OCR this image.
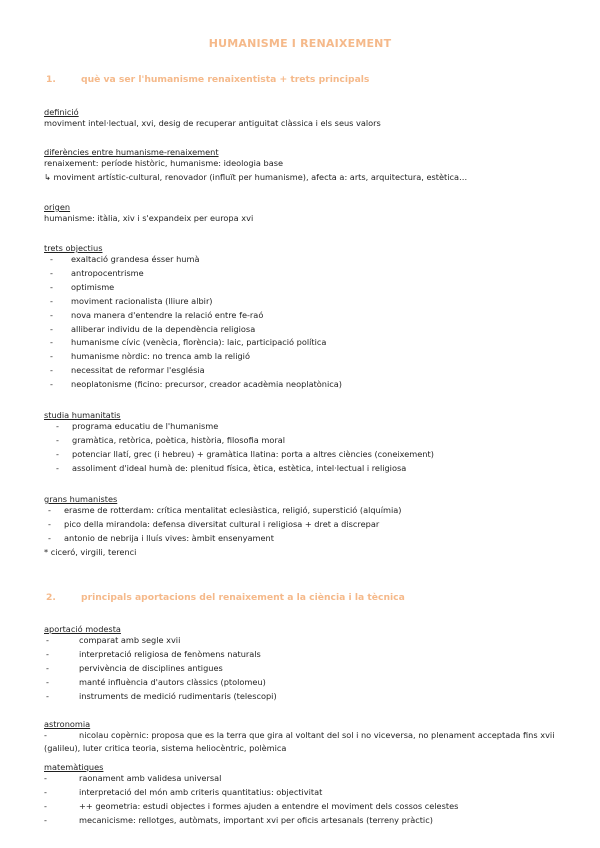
HUMANISME I RENAIXEMENT
1.	què va ser l'humanisme renaixentista + trets principals
definició
moviment intel·lectual, xvi, desig de recuperar antiguitat clàssica i els seus valors
diferències entre humanisme-renaixement
renaixement: període històric, humanisme: ideologia base
↳ moviment artístic-cultural, renovador (influït per humanisme), afecta a: arts, arquitectura, estètica…
origen
humanisme: itàlia, xiv i s'expandeix per europa xvi
trets objectius
- exaltació grandesa ésser humà
- antropocentrisme
- optimisme
- moviment racionalista (lliure albir)
- nova manera d'entendre la relació entre fe-raó
- alliberar individu de la dependència religiosa
- humanisme cívic (venècia, florència): laic, participació política
- humanisme nòrdic: no trenca amb la religió
- necessitat de reformar l'església
- neoplatonisme (ficino: precursor, creador acadèmia neoplatònica)
studia humanitatis
- programa educatiu de l'humanisme
- gramàtica, retòrica, poètica, història, filosofia moral
- potenciar llatí, grec (i hebreu) + gramàtica llatina: porta a altres ciències (coneixement)
- assoliment d'ideal humà de: plenitud física, ètica, estètica, intel·lectual i religiosa
grans humanistes
- erasme de rotterdam: crítica mentalitat eclesiàstica, religió, superstició (alquímia)
- pico della mirandola: defensa diversitat cultural i religiosa + dret a discrepar
- antonio de nebrija i lluís vives: àmbit ensenyament
* ciceró, virgili, terenci
2.	principals aportacions del renaixement a la ciència i la tècnica
aportació modesta
-	comparat amb segle xvii
-	interpretació religiosa de fenòmens naturals
-	pervivència de disciplines antigues
-	manté influència d'autors clàssics (ptolomeu)
-	instruments de medició rudimentaris (telescopi)
astronomia
-	nicolau copèrnic: proposa que es la terra que gira al voltant del sol i no viceversa, no plenament acceptada fins xvii (galileu), luter critica teoria, sistema heliocèntric, polèmica
matemàtiques
-	raonament amb validesa universal
-	interpretació del món amb criteris quantitatius: objectivitat
-	++ geometria: estudi objectes i formes ajuden a entendre el moviment dels cossos celestes
-	mecanicisme: rellotges, autòmats, important xvi per oficis artesanals (terreny pràctic)
